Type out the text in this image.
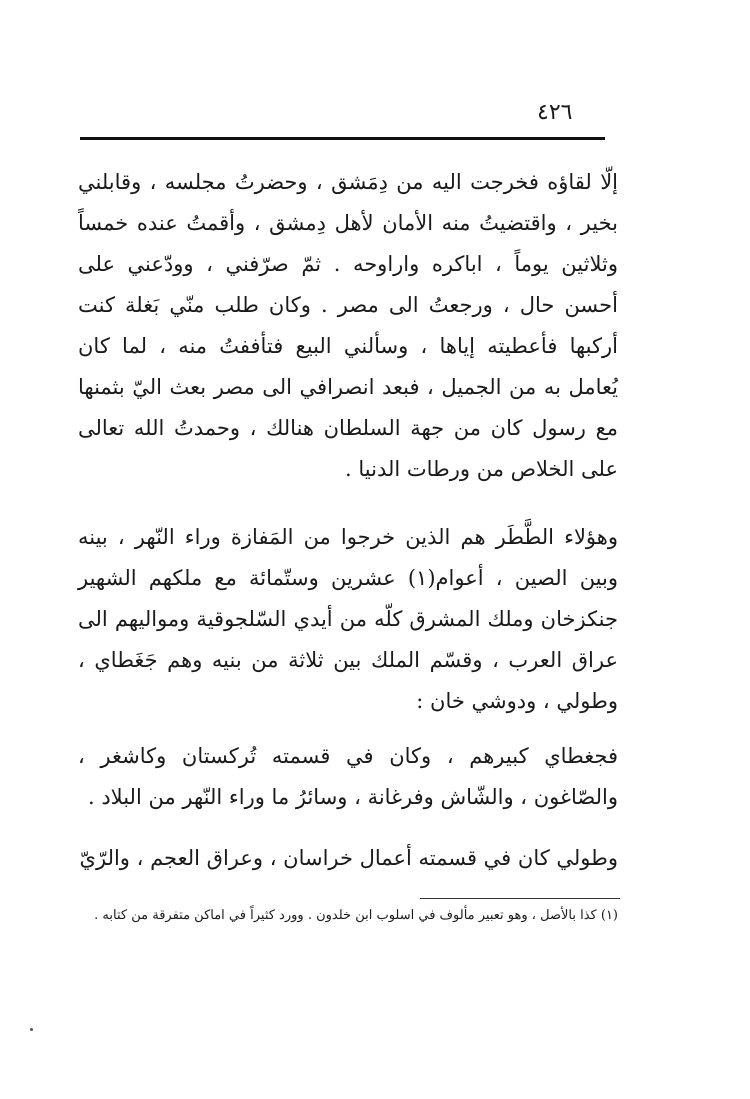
٤٢٦

إلّا لقاؤه فخرجت اليه من دِمَشق ، وحضرتُ مجلسه ، وقابلني بخير ، واقتضيتُ منه الأمان لأهل دِمشق ، وأقمتُ عنده خمساً وثلاثين يوماً ، اباكره واراوحه . ثمّ صرّفني ، وودّعني على أحسن حال ، ورجعتُ الى مصر . وكان طلب منّي بَغلة كنت أركبها فأعطيته إياها ، وسألني البيع فتأففتُ منه ، لما كان يُعامل به من الجميل ، فبعد انصرافي الى مصر بعث اليّ بثمنها مع رسول كان من جهة السلطان هنالك ، وحمدتُ الله تعالى على الخلاص من ورطات الدنيا .

وهؤلاء الطَّطَر هم الذين خرجوا من المَفازة وراء النّهر ، بينه وبين الصين ، أعوام(١) عشرين وستّمائة مع ملكهم الشهير جنكزخان وملك المشرق كلّه من أيدي السّلجوقية ومواليهم الى عراق العرب ، وقسّم الملك بين ثلاثة من بنيه وهم جَغَطاي ، وطولي ، ودوشي خان :

فجغطاي كبيرهم ، وكان في قسمته تُركستان وكاشغر ، والصّاغون ، والشّاش وفرغانة ، وسائرُ ما وراء النّهر من البلاد .

وطولي كان في قسمته أعمال خراسان ، وعراق العجم ، والرّيّ

(١) كذا بالأصل ، وهو تعبير مألوف في اسلوب ابن خلدون . وورد كثيراً في اماكن متفرقة من كتابه .
